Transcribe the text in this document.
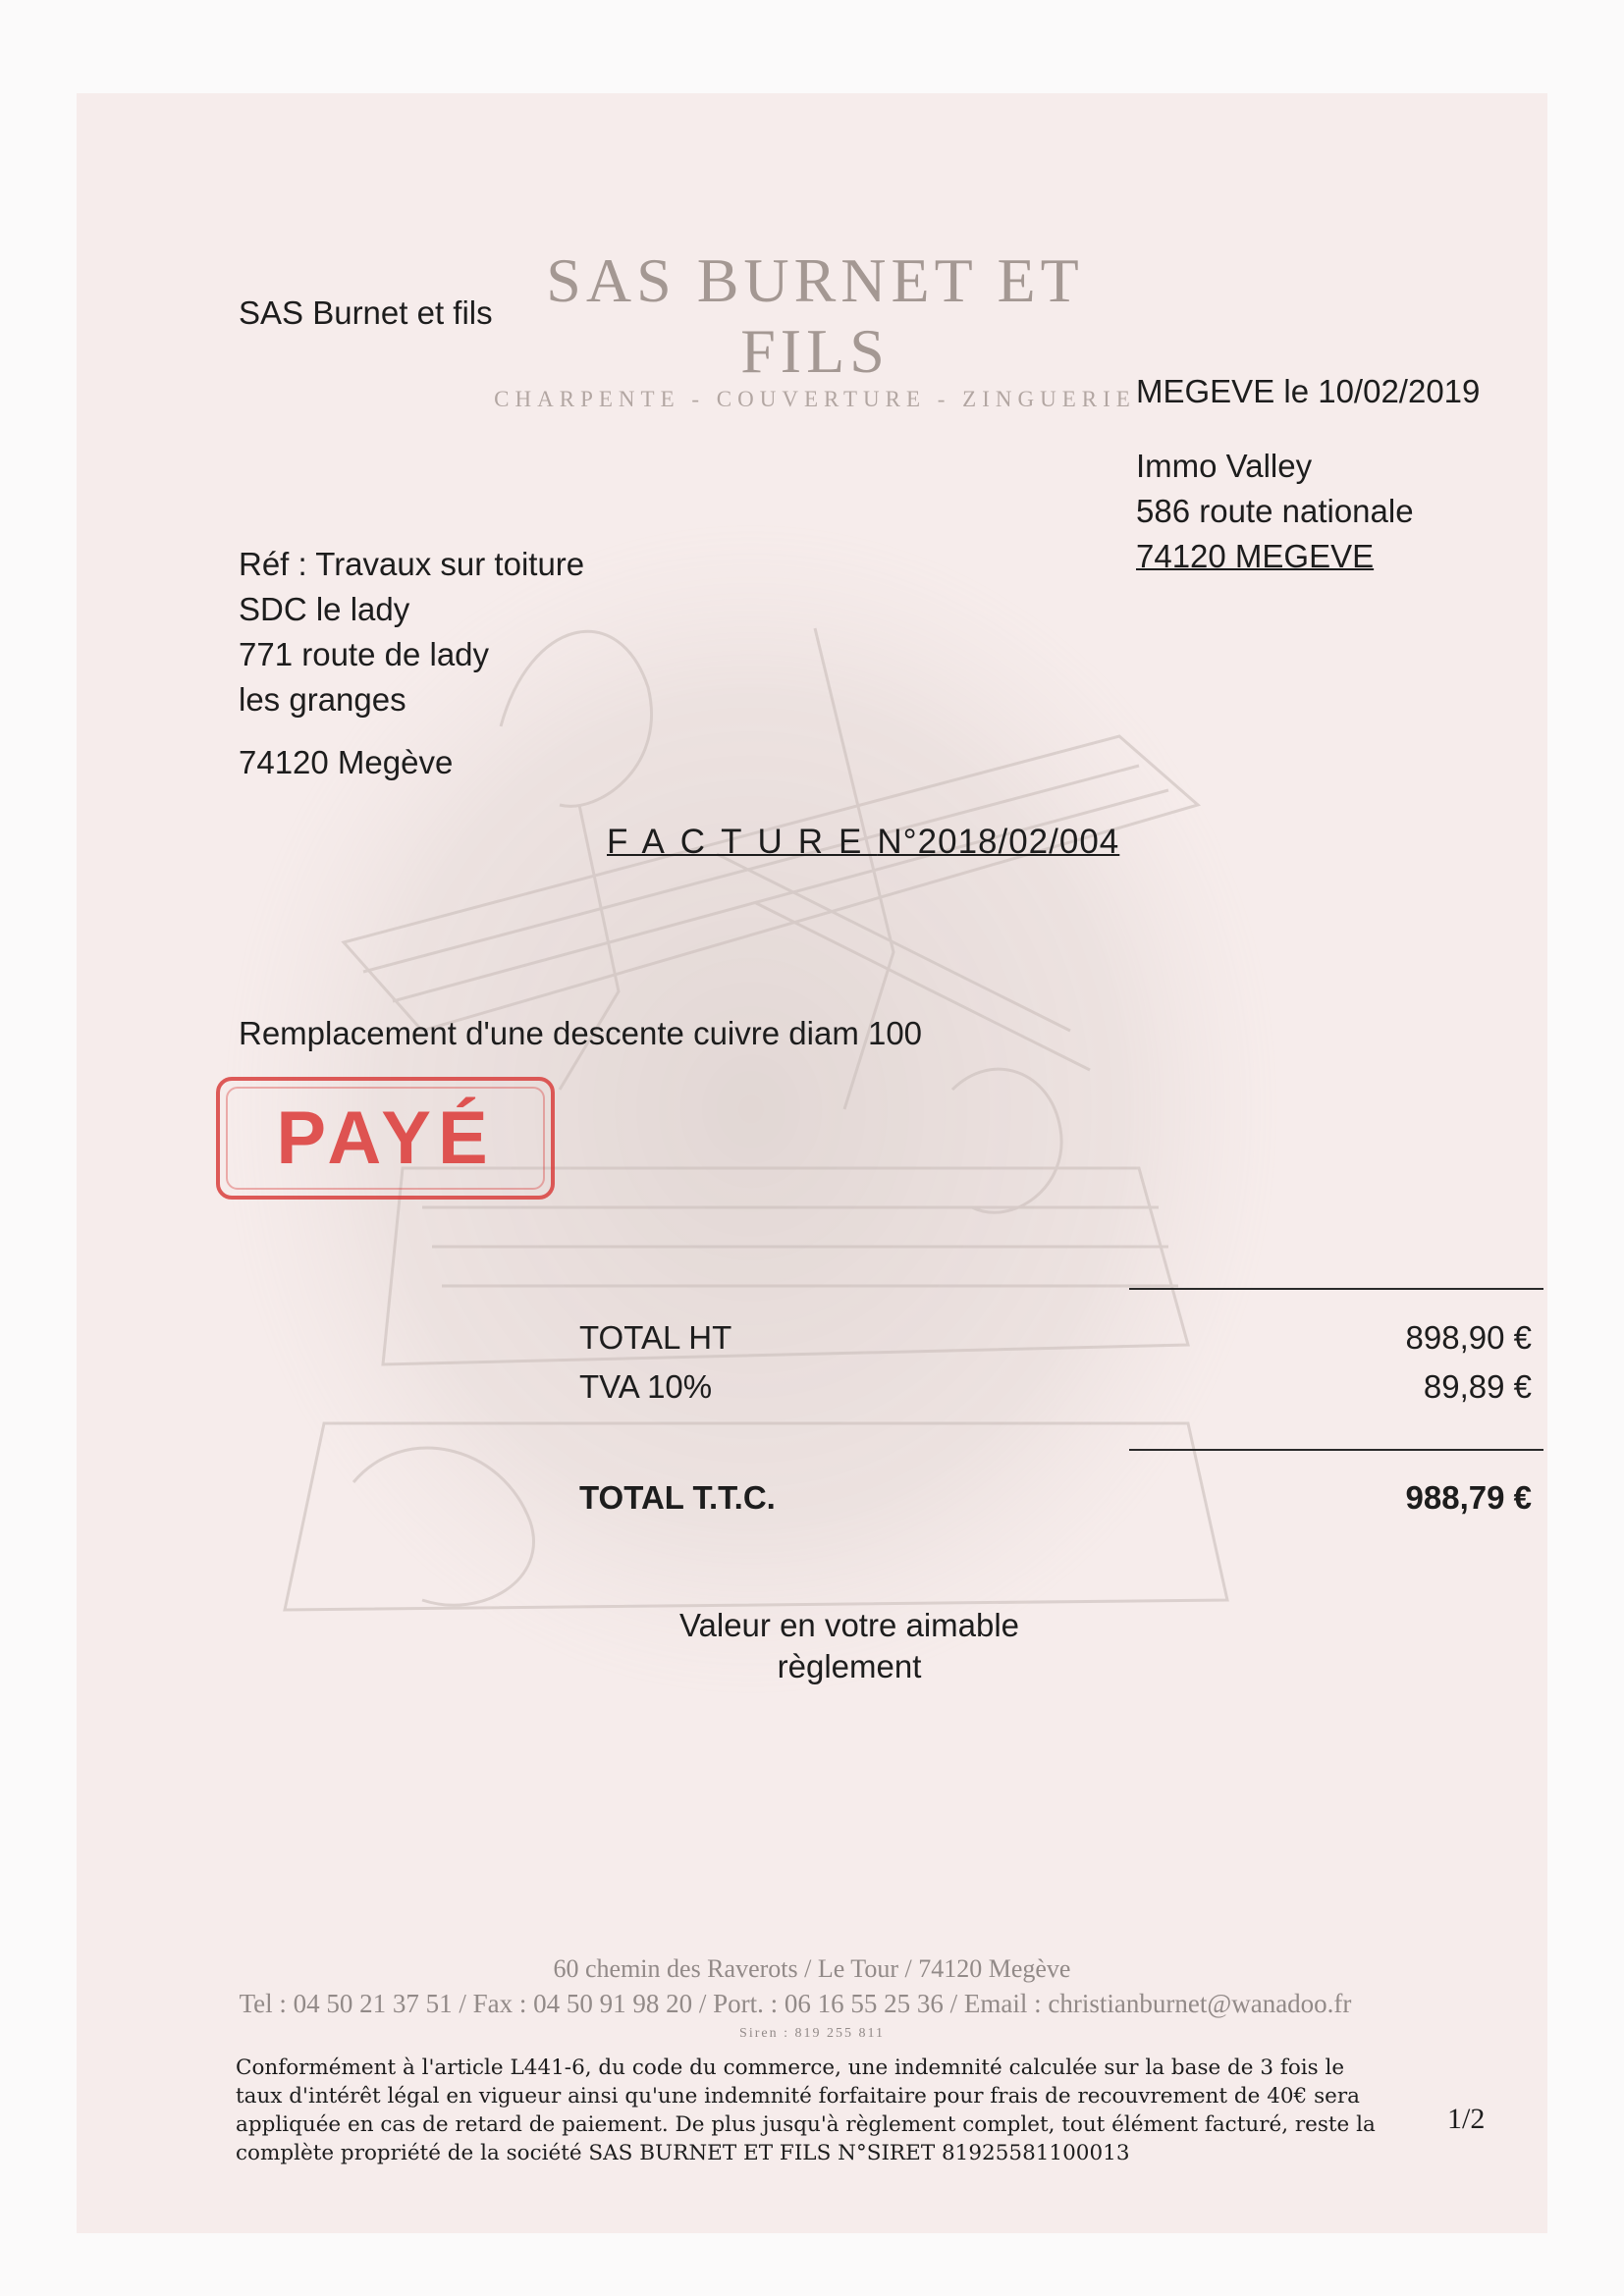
SAS BURNET ET FILS
CHARPENTE - COUVERTURE - ZINGUERIE
SAS Burnet et fils
MEGEVE le 10/02/2019
Immo Valley
586 route nationale
74120 MEGEVE
Réf : Travaux sur toiture
SDC le lady
771 route de lady
les granges
74120 Megève
FACTUREN°2018/02/004
Remplacement d'une descente cuivre diam 100
PAYÉ
TOTAL HT	898,90 €
TVA 10%	89,89 €
TOTAL T.T.C.	988,79 €
Valeur en votre aimable
règlement
60 chemin des Raverots / Le Tour / 74120 Megève
Tel : 04 50 21 37 51 / Fax : 04 50 91 98 20 / Port. : 06 16 55 25 36 / Email : christianburnet@wanadoo.fr
Siren : 819 255 811
Conformément à l'article L441-6, du code du commerce, une indemnité calculée sur la base de 3 fois le
taux d'intérêt légal en vigueur ainsi qu'une indemnité forfaitaire pour frais de recouvrement de 40€ sera
appliquée en cas de retard de paiement. De plus jusqu'à règlement complet, tout élément facturé, reste la
complète propriété de la société SAS BURNET ET FILS N°SIRET 81925581100013
1/2
